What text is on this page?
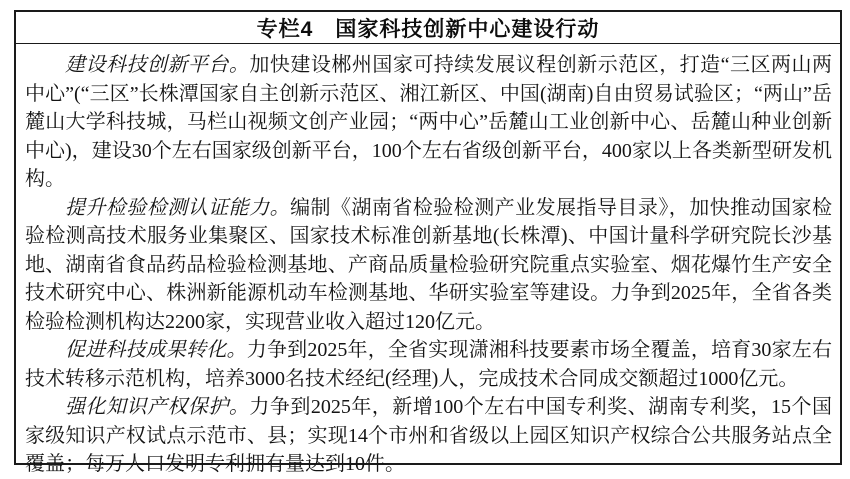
专栏4　国家科技创新中心建设行动

建设科技创新平台。加快建设郴州国家可持续发展议程创新示范区，打造“三区两山两中心”(“三区”长株潭国家自主创新示范区、湘江新区、中国(湖南)自由贸易试验区；“两山”岳麓山大学科技城，马栏山视频文创产业园；“两中心”岳麓山工业创新中心、岳麓山种业创新中心)，建设30个左右国家级创新平台，100个左右省级创新平台，400家以上各类新型研发机构。

提升检验检测认证能力。编制《湖南省检验检测产业发展指导目录》，加快推动国家检验检测高技术服务业集聚区、国家技术标准创新基地(长株潭)、中国计量科学研究院长沙基地、湖南省食品药品检验检测基地、产商品质量检验研究院重点实验室、烟花爆竹生产安全技术研究中心、株洲新能源机动车检测基地、华研实验室等建设。力争到2025年，全省各类检验检测机构达2200家，实现营业收入超过120亿元。

促进科技成果转化。力争到2025年，全省实现潇湘科技要素市场全覆盖，培育30家左右技术转移示范机构，培养3000名技术经纪(经理)人，完成技术合同成交额超过1000亿元。

强化知识产权保护。力争到2025年，新增100个左右中国专利奖、湖南专利奖，15个国家级知识产权试点示范市、县；实现14个市州和省级以上园区知识产权综合公共服务站点全覆盖；每万人口发明专利拥有量达到10件。
